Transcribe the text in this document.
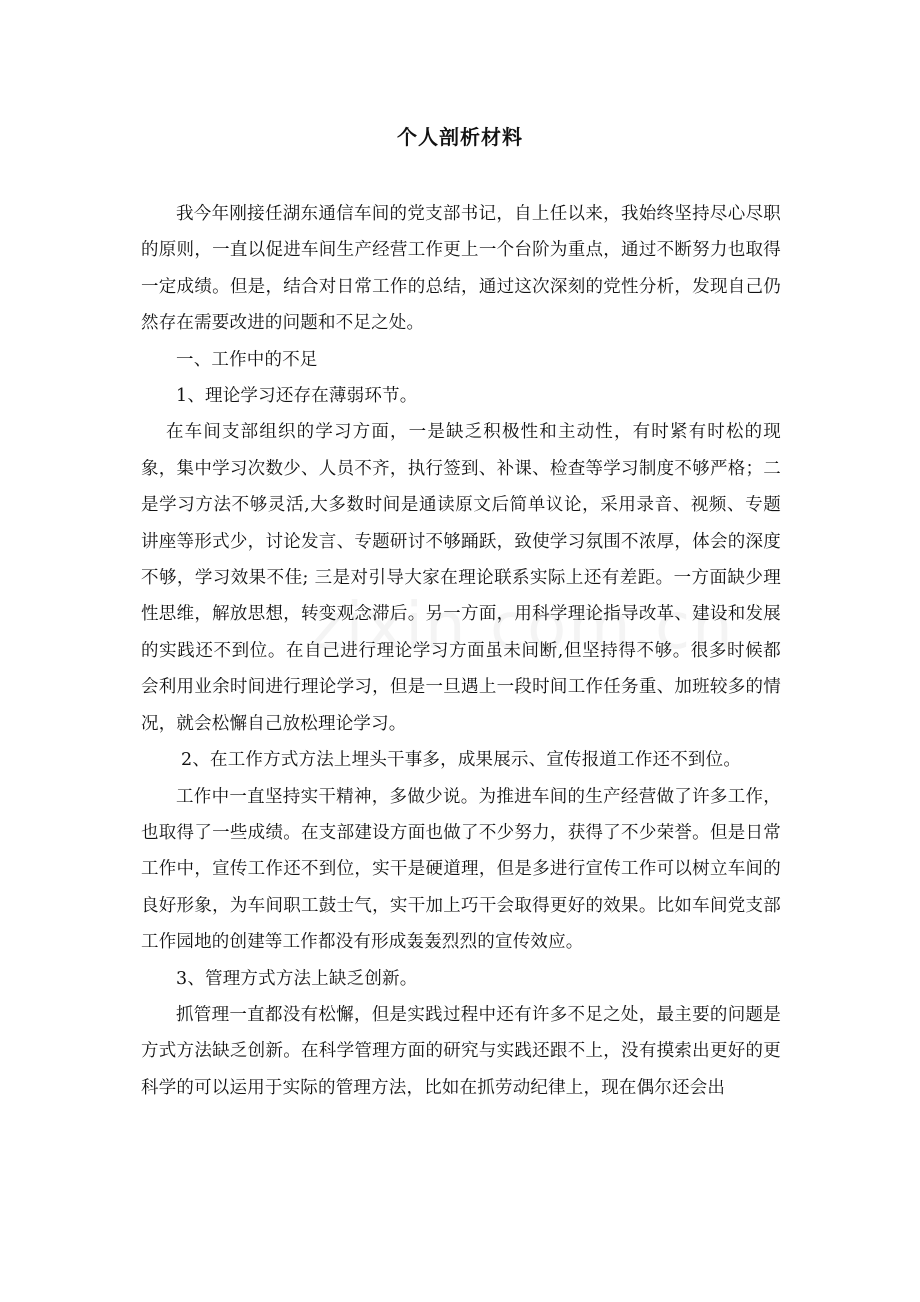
个人剖析材料

我今年刚接任湖东通信车间的党支部书记，自上任以来，我始终坚持尽心尽职的原则，一直以促进车间生产经营工作更上一个台阶为重点，通过不断努力也取得一定成绩。但是，结合对日常工作的总结，通过这次深刻的党性分析，发现自己仍然存在需要改进的问题和不足之处。

一、工作中的不足

1、理论学习还存在薄弱环节。

在车间支部组织的学习方面，一是缺乏积极性和主动性，有时紧有时松的现象，集中学习次数少、人员不齐，执行签到、补课、检查等学习制度不够严格；二是学习方法不够灵活,大多数时间是通读原文后简单议论，采用录音、视频、专题讲座等形式少，讨论发言、专题研讨不够踊跃，致使学习氛围不浓厚，体会的深度不够，学习效果不佳; 三是对引导大家在理论联系实际上还有差距。一方面缺少理性思维，解放思想，转变观念滞后。另一方面，用科学理论指导改革、建设和发展的实践还不到位。在自己进行理论学习方面虽未间断,但坚持得不够。很多时候都会利用业余时间进行理论学习，但是一旦遇上一段时间工作任务重、加班较多的情况，就会松懈自己放松理论学习。

2、在工作方式方法上埋头干事多，成果展示、宣传报道工作还不到位。

工作中一直坚持实干精神，多做少说。为推进车间的生产经营做了许多工作，也取得了一些成绩。在支部建设方面也做了不少努力，获得了不少荣誉。但是日常工作中，宣传工作还不到位，实干是硬道理，但是多进行宣传工作可以树立车间的良好形象，为车间职工鼓士气，实干加上巧干会取得更好的效果。比如车间党支部工作园地的创建等工作都没有形成轰轰烈烈的宣传效应。

3、管理方式方法上缺乏创新。

抓管理一直都没有松懈，但是实践过程中还有许多不足之处，最主要的问题是方式方法缺乏创新。在科学管理方面的研究与实践还跟不上，没有摸索出更好的更科学的可以运用于实际的管理方法，比如在抓劳动纪律上，现在偶尔还会出
